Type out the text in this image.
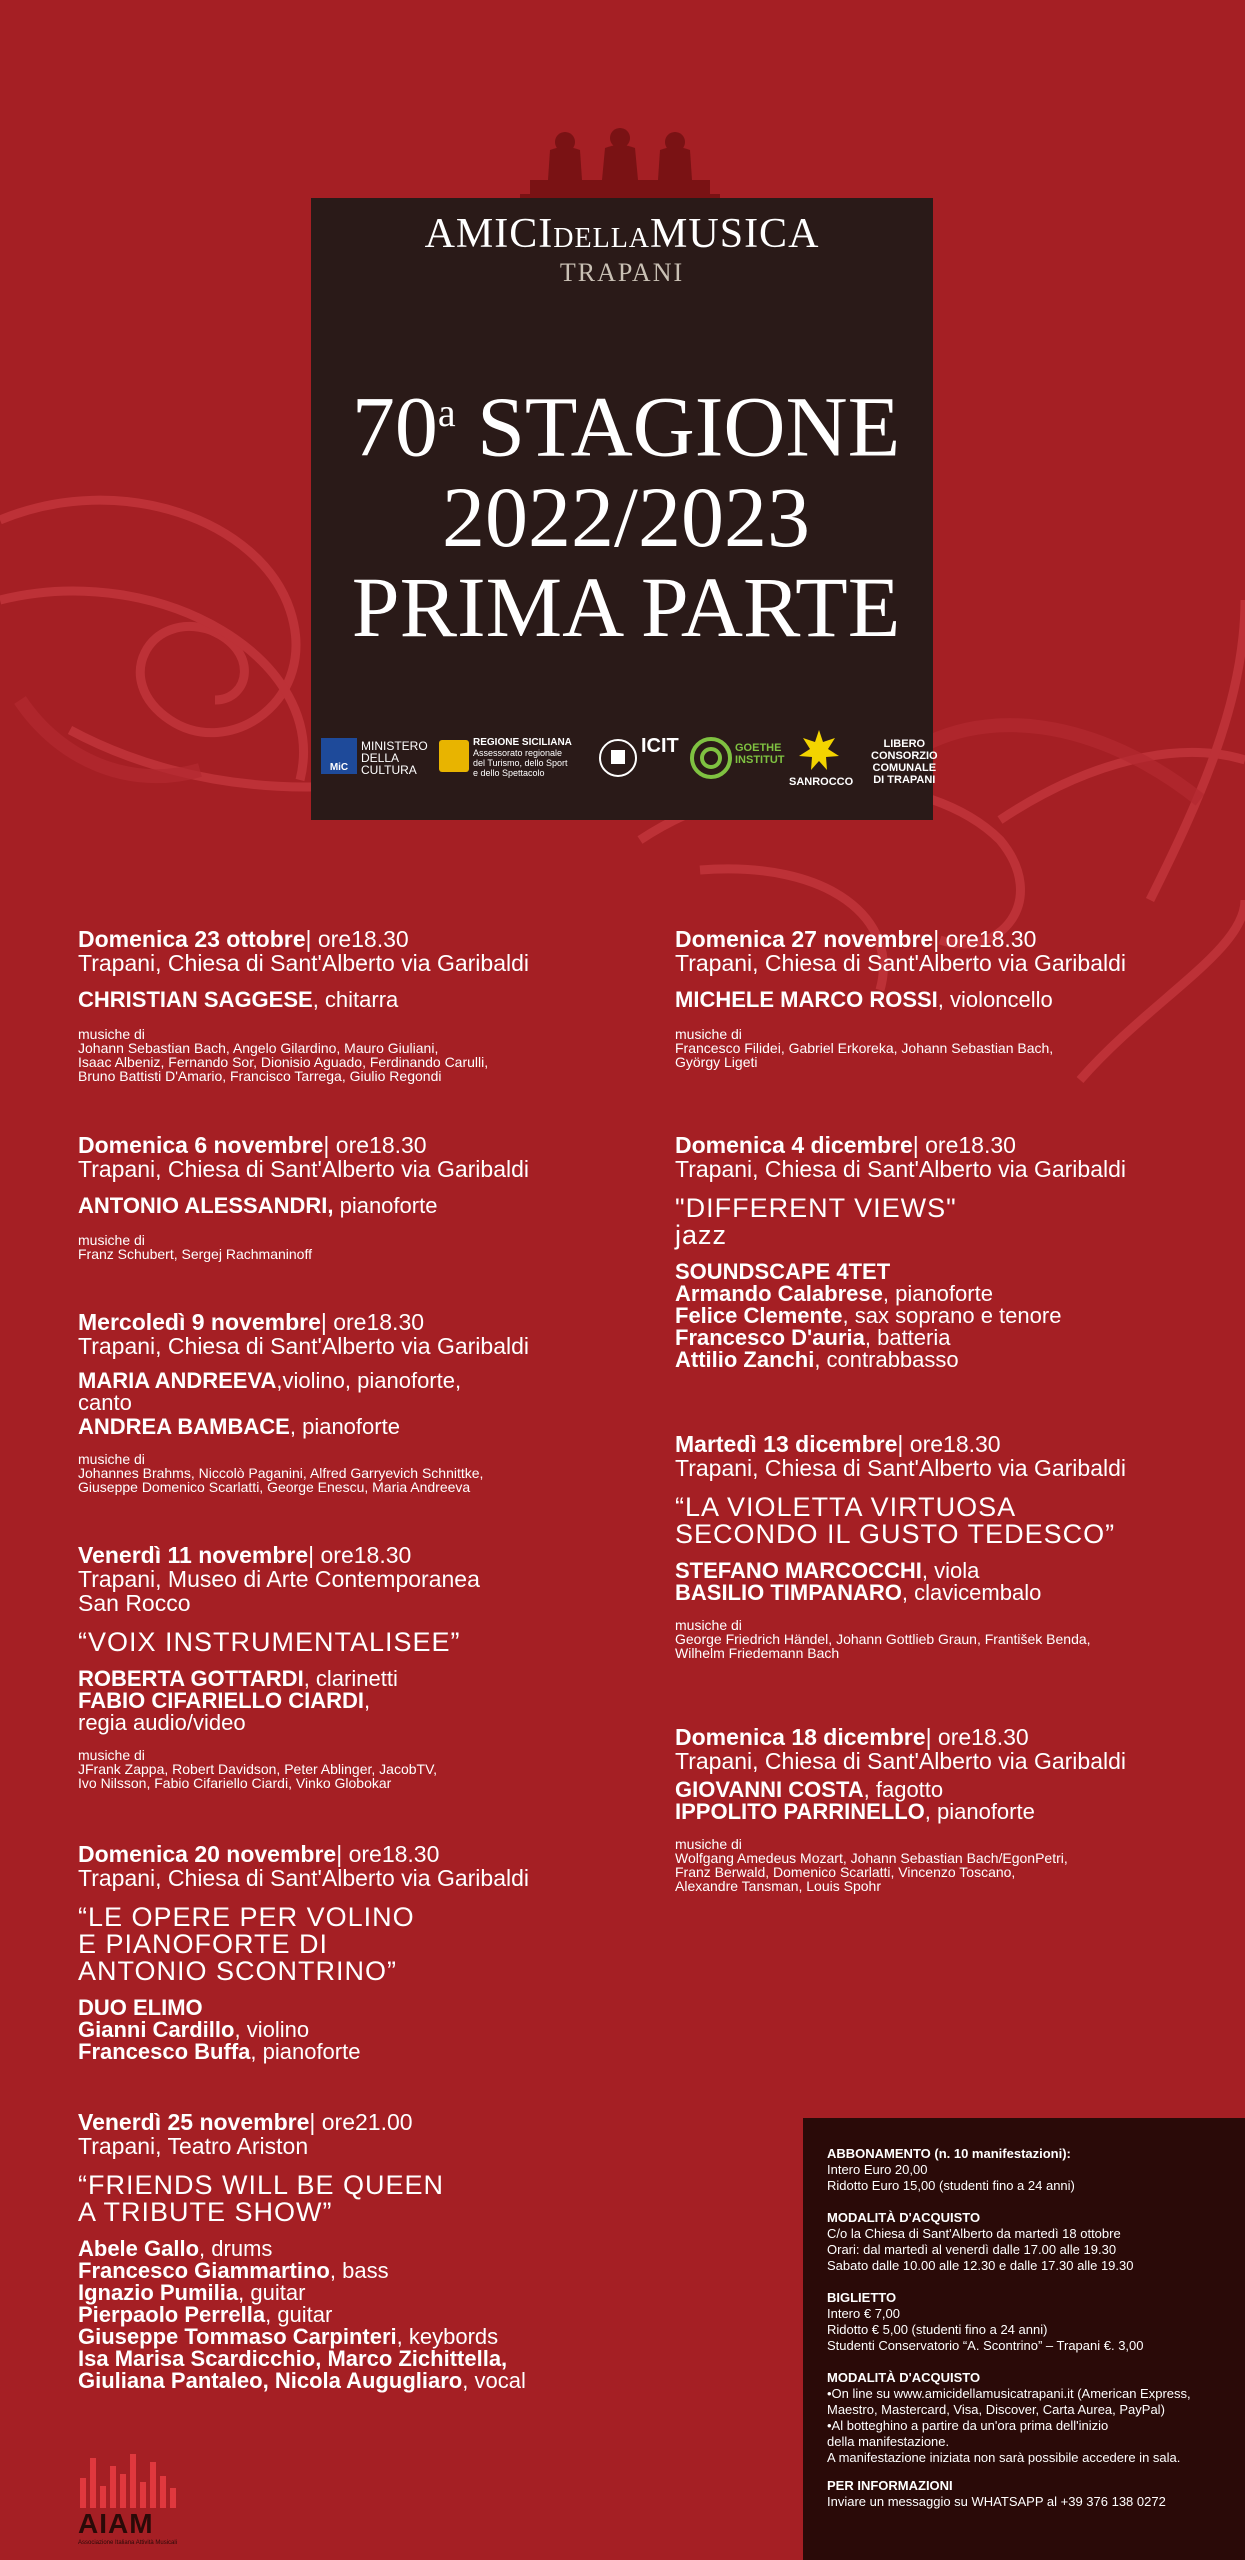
AMICIDELLAMUSICA
TRAPANI
70$^a$ STAGIONE
2022/2023
PRIMA PARTE
MiC
MINISTERO
DELLA
CULTURA
REGIONE SICILIANA
Assessorato regionale
del Turismo, dello Sport
e dello Spettacolo
ICIT	GOETHE
INSTITUT
SANROCCO
LIBERO
CONSORZIO
COMUNALE
DI TRAPANI
Domenica 23 ottobre| ore18.30
Trapani, Chiesa di Sant'Alberto via Garibaldi
CHRISTIAN SAGGESE, chitarra
musiche di
Johann Sebastian Bach, Angelo Gilardino, Mauro Giuliani,
Isaac Albeniz, Fernando Sor, Dionisio Aguado, Ferdinando Carulli,
Bruno Battisti D'Amario, Francisco Tarrega, Giulio Regondi
Domenica 6 novembre| ore18.30
Trapani, Chiesa di Sant'Alberto via Garibaldi
ANTONIO ALESSANDRI, pianoforte
musiche di
Franz Schubert, Sergej Rachmaninoff
Mercoledì 9 novembre| ore18.30
Trapani, Chiesa di Sant'Alberto via Garibaldi
MARIA ANDREEVA,violino, pianoforte,
canto
ANDREA BAMBACE, pianoforte
musiche di
Johannes Brahms, Niccolò Paganini, Alfred Garryevich Schnittke,
Giuseppe Domenico Scarlatti, George Enescu, Maria Andreeva
Venerdì 11 novembre| ore18.30
Trapani, Museo di Arte Contemporanea
San Rocco
“VOIX INSTRUMENTALISEE”
ROBERTA GOTTARDI, clarinetti
FABIO CIFARIELLO CIARDI,
regia audio/video
musiche di
JFrank Zappa, Robert Davidson, Peter Ablinger, JacobTV,
Ivo Nilsson, Fabio Cifariello Ciardi, Vinko Globokar
Domenica 20 novembre| ore18.30
Trapani, Chiesa di Sant'Alberto via Garibaldi
“LE OPERE PER VOLINO
E PIANOFORTE DI
ANTONIO SCONTRINO”
DUO ELIMO
Gianni Cardillo, violino
Francesco Buffa, pianoforte
Venerdì 25 novembre| ore21.00
Trapani, Teatro Ariston
“FRIENDS WILL BE QUEEN
A TRIBUTE SHOW”
Abele Gallo, drums
Francesco Giammartino, bass
Ignazio Pumilia, guitar
Pierpaolo Perrella, guitar
Giuseppe Tommaso Carpinteri, keybords
Isa Marisa Scardicchio, Marco Zichittella,
Giuliana Pantaleo, Nicola Augugliaro, vocal
Domenica 27 novembre| ore18.30
Trapani, Chiesa di Sant'Alberto via Garibaldi
MICHELE MARCO ROSSI, violoncello
musiche di
Francesco Filidei, Gabriel Erkoreka, Johann Sebastian Bach,
György Ligeti
Domenica 4 dicembre| ore18.30
Trapani, Chiesa di Sant'Alberto via Garibaldi
"DIFFERENT VIEWS"
jazz
SOUNDSCAPE 4TET
Armando Calabrese, pianoforte
Felice Clemente, sax soprano e tenore
Francesco D'auria, batteria
Attilio Zanchi, contrabbasso
Martedì 13 dicembre| ore18.30
Trapani, Chiesa di Sant'Alberto via Garibaldi
“LA VIOLETTA VIRTUOSA
SECONDO IL GUSTO TEDESCO”
STEFANO MARCOCCHI, viola
BASILIO TIMPANARO, clavicembalo
musiche di
George Friedrich Händel, Johann Gottlieb Graun, František Benda,
Wilhelm Friedemann Bach
Domenica 18 dicembre| ore18.30
Trapani, Chiesa di Sant'Alberto via Garibaldi
GIOVANNI COSTA, fagotto
IPPOLITO PARRINELLO, pianoforte
musiche di
Wolfgang Amedeus Mozart, Johann Sebastian Bach/EgonPetri,
Franz Berwald, Domenico Scarlatti, Vincenzo Toscano,
Alexandre Tansman, Louis Spohr
ABBONAMENTO (n. 10 manifestazioni):
Intero Euro 20,00
Ridotto Euro 15,00 (studenti fino a 24 anni)
MODALITÀ D'ACQUISTO
C/o la Chiesa di Sant'Alberto da martedì 18 ottobre
Orari: dal martedì al venerdì dalle 17.00 alle 19.30
Sabato dalle 10.00 alle 12.30 e dalle 17.30 alle 19.30
BIGLIETTO
Intero € 7,00
Ridotto € 5,00 (studenti fino a 24 anni)
Studenti Conservatorio “A. Scontrino” – Trapani €. 3,00
MODALITÀ D'ACQUISTO
•On line su www.amicidellamusicatrapani.it (American Express,
Maestro, Mastercard, Visa, Discover, Carta Aurea, PayPal)
•Al botteghino a partire da un'ora prima dell'inizio
della manifestazione.
A manifestazione iniziata non sarà possibile accedere in sala.
PER INFORMAZIONI
Inviare un messaggio su WHATSAPP al +39 376 138 0272
AIAM
Associazione Italiana Attività Musicali
